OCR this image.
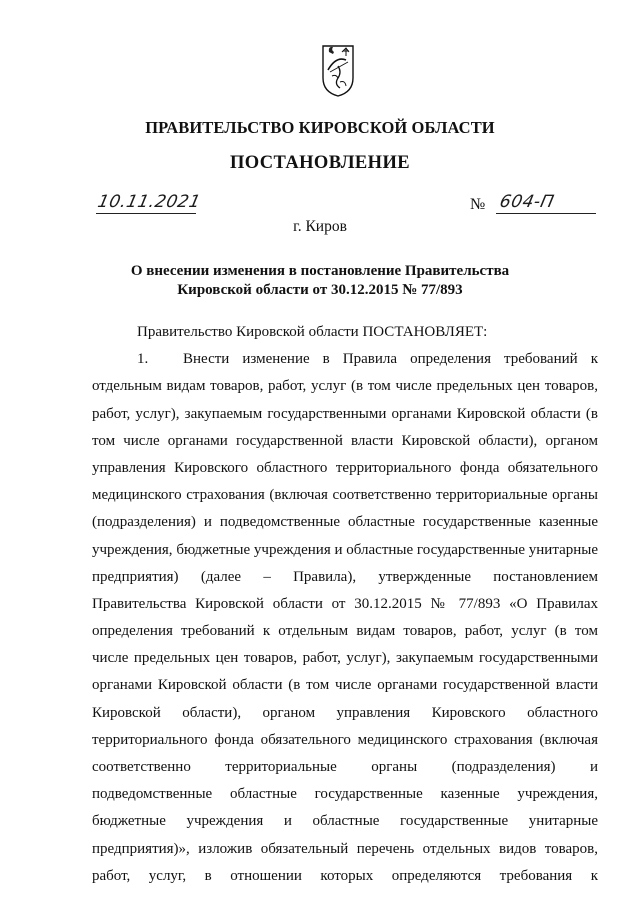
ПРАВИТЕЛЬСТВО КИРОВСКОЙ ОБЛАСТИ
ПОСТАНОВЛЕНИЕ
10.11.2021	№ 604-П
г. Киров
О внесении изменения в постановление Правительства
Кировской области от 30.12.2015 № 77/893
Правительство Кировской области ПОСТАНОВЛЯЕТ:
1. Внести изменение в Правила определения требований к
отдельным видам товаров, работ, услуг (в том числе предельных цен товаров,
работ, услуг), закупаемым государственными органами Кировской области (в
том числе органами государственной власти Кировской области), органом
управления Кировского областного территориального фонда обязательного
медицинского страхования (включая соответственно территориальные органы
(подразделения) и подведомственные областные государственные казенные
учреждения, бюджетные учреждения и областные государственные унитарные
предприятия) (далее – Правила), утвержденные постановлением
Правительства Кировской области от 30.12.2015 № 77/893 «О Правилах
определения требований к отдельным видам товаров, работ, услуг (в том
числе предельных цен товаров, работ, услуг), закупаемым государственными
органами Кировской области (в том числе органами государственной власти
Кировской области), органом управления Кировского областного
территориального фонда обязательного медицинского страхования (включая
соответственно территориальные органы (подразделения) и
подведомственные областные государственные казенные учреждения,
бюджетные учреждения и областные государственные унитарные
предприятия)», изложив обязательный перечень отдельных видов товаров,
работ, услуг, в отношении которых определяются требования к
